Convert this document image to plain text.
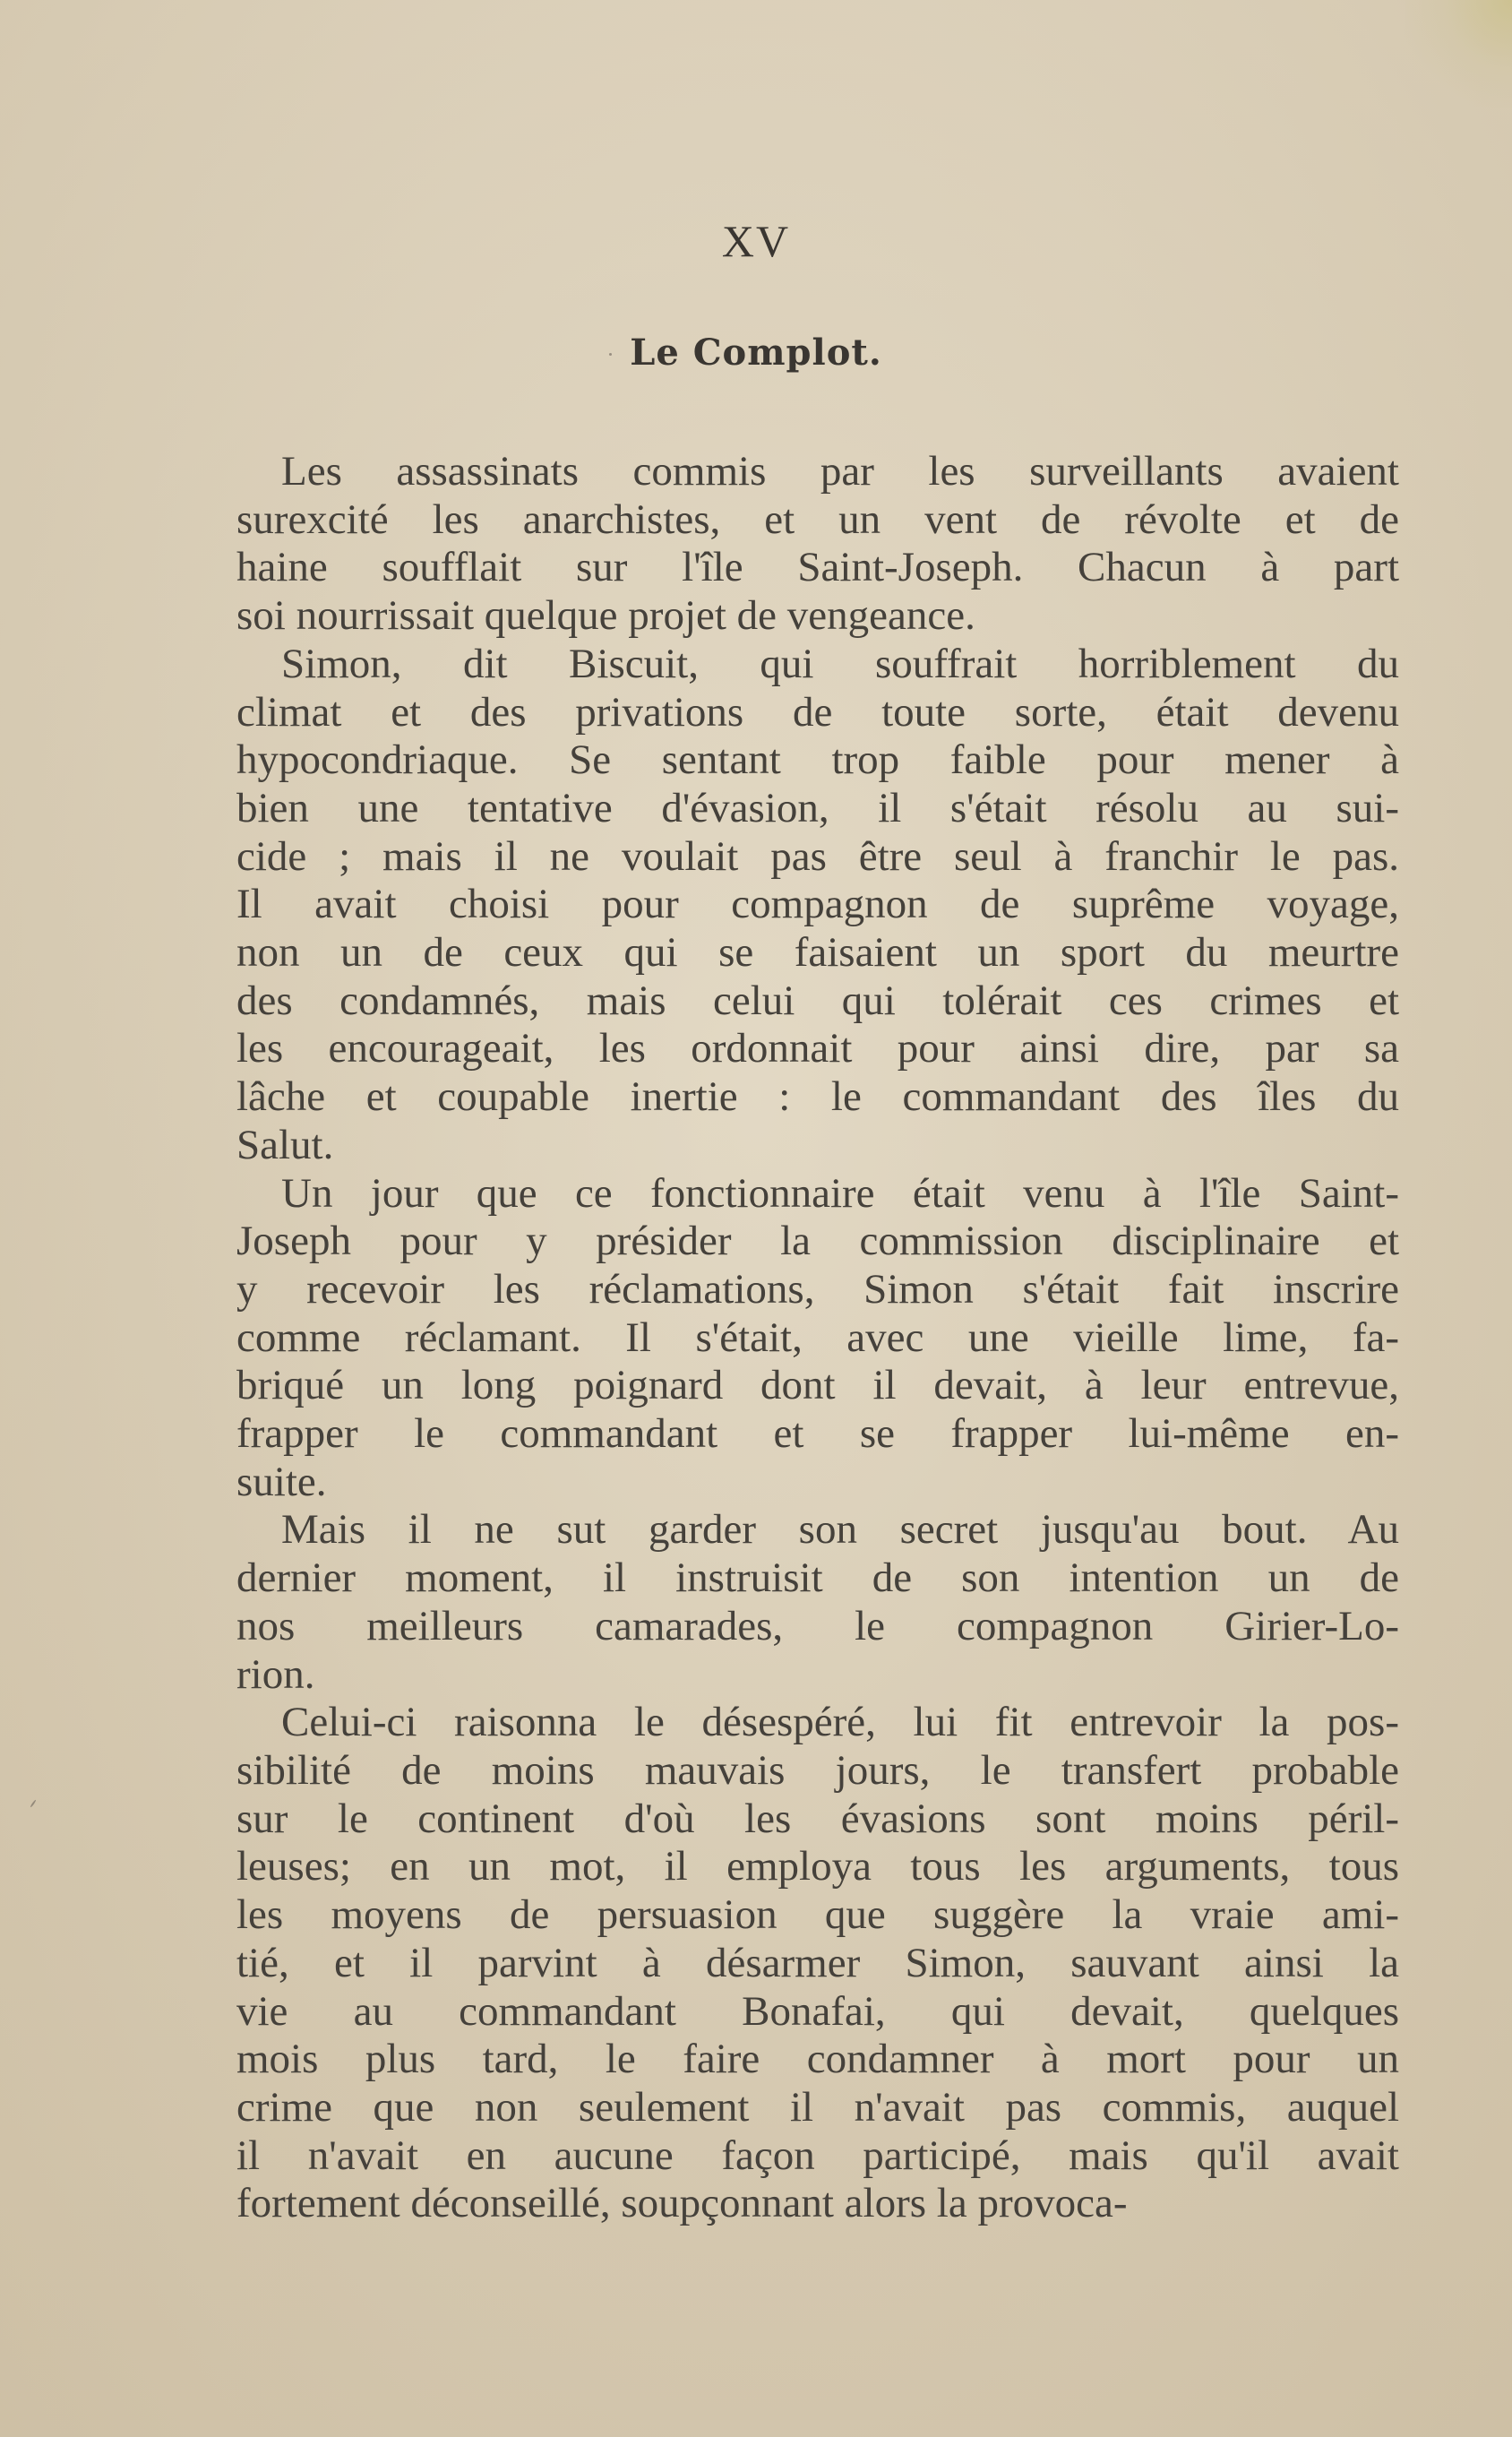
XV
Le Complot.
Les assassinats commis par les surveillants avaient
surexcité les anarchistes, et un vent de révolte et de
haine soufflait sur l'île Saint-Joseph. Chacun à part
soi nourrissait quelque projet de vengeance.
Simon, dit Biscuit, qui souffrait horriblement du
climat et des privations de toute sorte, était devenu
hypocondriaque. Se sentant trop faible pour mener à
bien une tentative d'évasion, il s'était résolu au sui-
cide ; mais il ne voulait pas être seul à franchir le pas.
Il avait choisi pour compagnon de suprême voyage,
non un de ceux qui se faisaient un sport du meurtre
des condamnés, mais celui qui tolérait ces crimes et
les encourageait, les ordonnait pour ainsi dire, par sa
lâche et coupable inertie : le commandant des îles du
Salut.
Un jour que ce fonctionnaire était venu à l'île Saint-
Joseph pour y présider la commission disciplinaire et
y recevoir les réclamations, Simon s'était fait inscrire
comme réclamant. Il s'était, avec une vieille lime, fa-
briqué un long poignard dont il devait, à leur entrevue,
frapper le commandant et se frapper lui-même en-
suite.
Mais il ne sut garder son secret jusqu'au bout. Au
dernier moment, il instruisit de son intention un de
nos meilleurs camarades, le compagnon Girier-Lo-
rion.
Celui-ci raisonna le désespéré, lui fit entrevoir la pos-
sibilité de moins mauvais jours, le transfert probable
sur le continent d'où les évasions sont moins péril-
leuses; en un mot, il employa tous les arguments, tous
les moyens de persuasion que suggère la vraie ami-
tié, et il parvint à désarmer Simon, sauvant ainsi la
vie au commandant Bonafai, qui devait, quelques
mois plus tard, le faire condamner à mort pour un
crime que non seulement il n'avait pas commis, auquel
il n'avait en aucune façon participé, mais qu'il avait
fortement déconseillé, soupçonnant alors la provoca-
